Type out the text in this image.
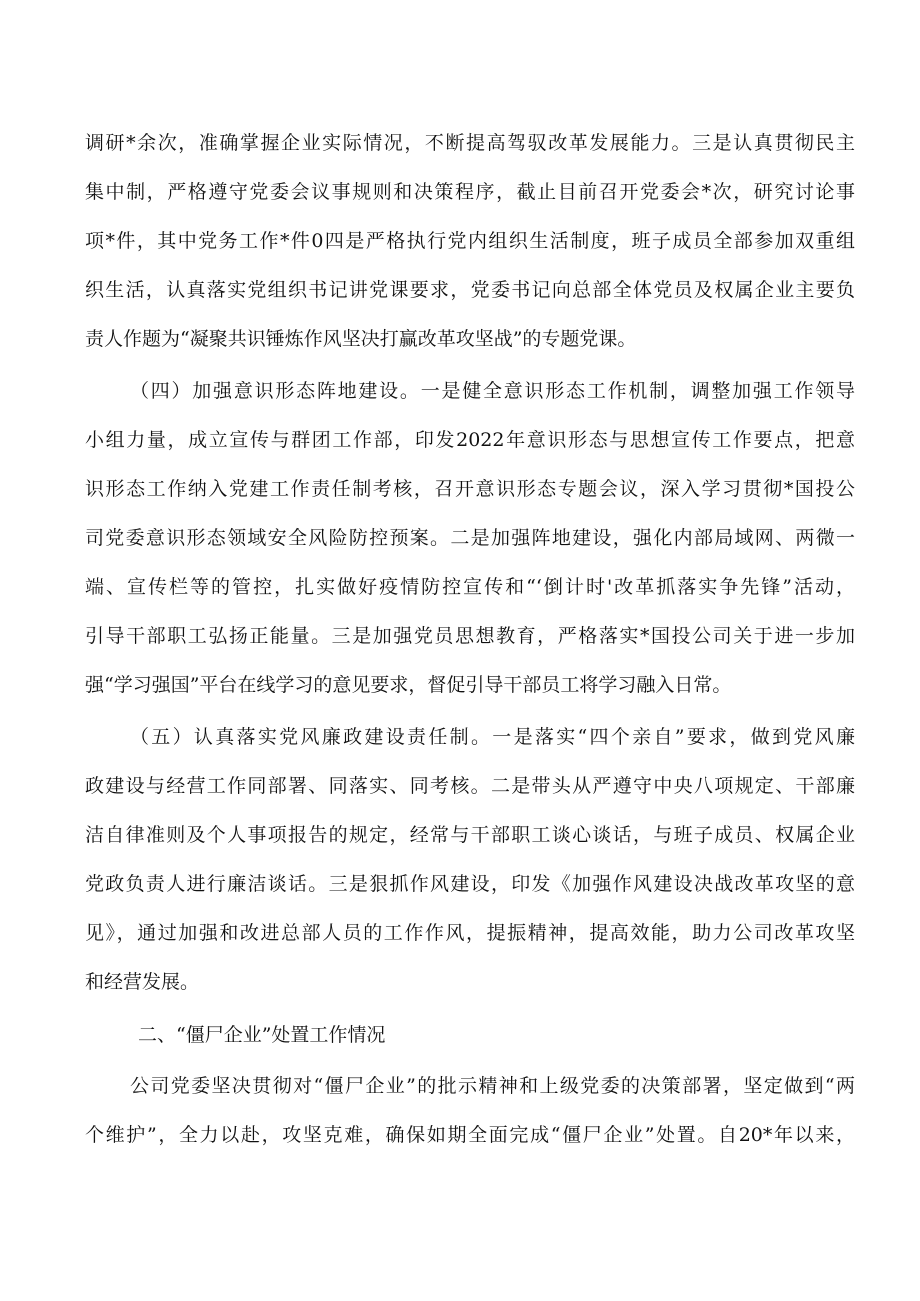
调研*余次，准确掌握企业实际情况，不断提高驾驭改革发展能力。三是认真贯彻民主
集中制，严格遵守党委会议事规则和决策程序，截止目前召开党委会*次，研究讨论事
项*件，其中党务工作*件0四是严格执行党内组织生活制度，班子成员全部参加双重组
织生活，认真落实党组织书记讲党课要求，党委书记向总部全体党员及权属企业主要负
责人作题为“凝聚共识锤炼作风坚决打赢改革攻坚战”的专题党课。
（四）加强意识形态阵地建设。一是健全意识形态工作机制，调整加强工作领导
小组力量，成立宣传与群团工作部，印发2022年意识形态与思想宣传工作要点，把意
识形态工作纳入党建工作责任制考核，召开意识形态专题会议，深入学习贯彻*国投公
司党委意识形态领域安全风险防控预案。二是加强阵地建设，强化内部局域网、两微一
端、宣传栏等的管控，扎实做好疫情防控宣传和“‘倒计时'改革抓落实争先锋”活动，
引导干部职工弘扬正能量。三是加强党员思想教育，严格落实*国投公司关于进一步加
强“学习强国”平台在线学习的意见要求，督促引导干部员工将学习融入日常。
（五）认真落实党风廉政建设责任制。一是落实“四个亲自”要求，做到党风廉
政建设与经营工作同部署、同落实、同考核。二是带头从严遵守中央八项规定、干部廉
洁自律准则及个人事项报告的规定，经常与干部职工谈心谈话，与班子成员、权属企业
党政负责人进行廉洁谈话。三是狠抓作风建设，印发《加强作风建设决战改革攻坚的意
见》，通过加强和改进总部人员的工作作风，提振精神，提高效能，助力公司改革攻坚
和经营发展。
二、“僵尸企业”处置工作情况
公司党委坚决贯彻对“僵尸企业”的批示精神和上级党委的决策部署，坚定做到“两
个维护”，全力以赴，攻坚克难，确保如期全面完成“僵尸企业”处置。自20*年以来，
